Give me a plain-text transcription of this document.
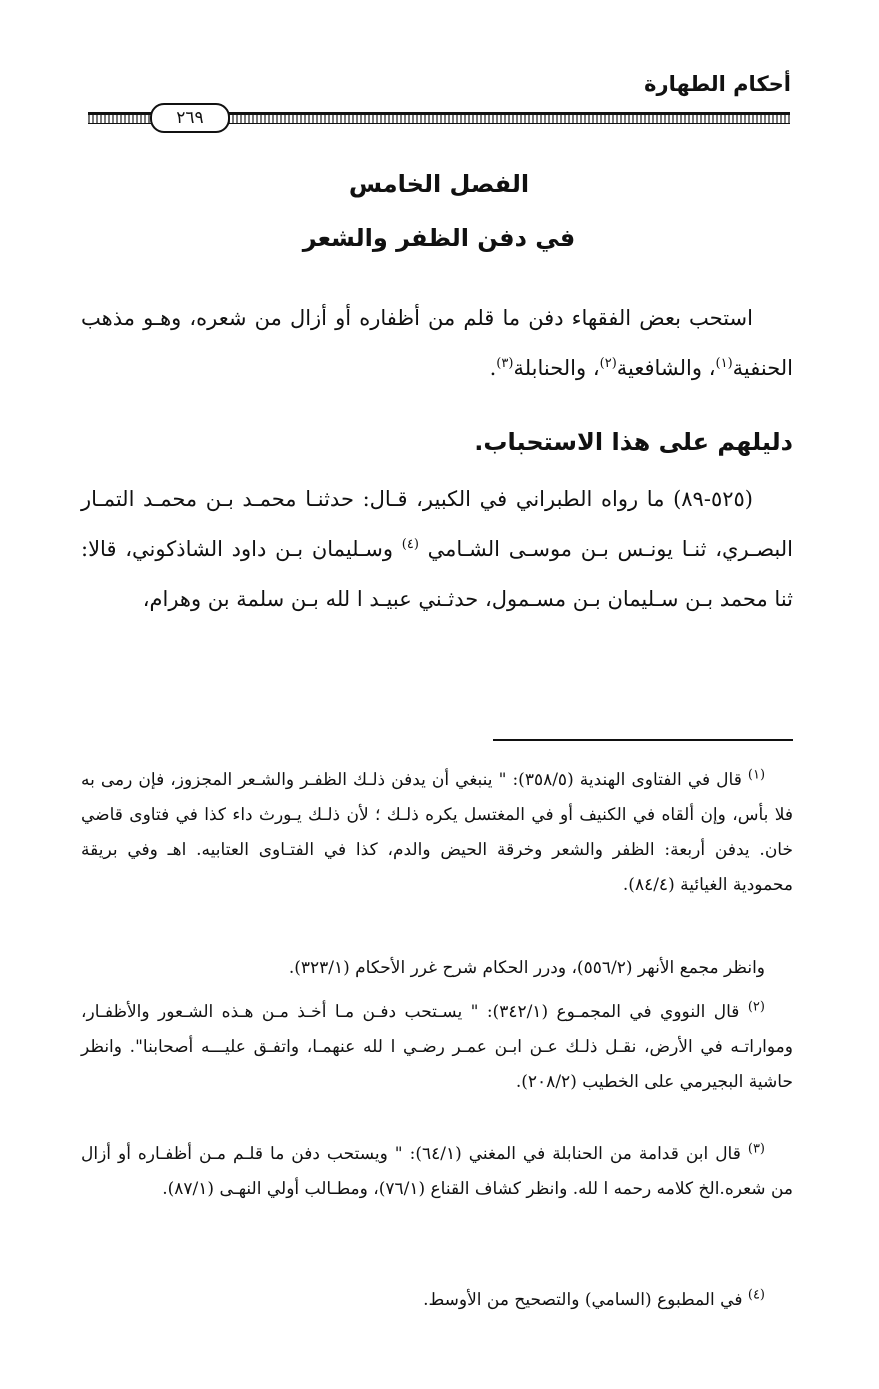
أحكام الطهارة
٢٦٩
الفصل الخامس
في دفن الظفر والشعر

استحب بعض الفقهاء دفن ما قلم من أظفاره أو أزال من شعره، وهـو مذهب الحنفية$^{(١)}$، والشافعية$^{(٢)}$، والحنابلة$^{(٣)}$.

دليلهم على هذا الاستحباب.

(٥٢٥-٨٩) ما رواه الطبراني في الكبير، قـال: حدثنـا محمـد بـن محمـد التمـار البصـري، ثنـا يونـس بـن موسـى الشـامي $^{(٤)}$ وسـليمان بـن داود الشاذكوني، قالا: ثنا محمد بـن سـليمان بـن مسـمول، حدثـني عبيـد ا لله بـن سلمة بن وهرام،

$^{(١)}$ قال في الفتاوى الهندية (٣٥٨/٥): " ينبغي أن يدفن ذلـك الظفـر والشـعر المجزوز، فإن رمى به فلا بأس، وإن ألقاه في الكنيف أو في المغتسل يكره ذلـك ؛ لأن ذلـك يـورث داء كذا في فتاوى قاضي خان. يدفن أربعة: الظفر والشعر وخرقة الحيض والدم، كذا في الفتـاوى العتابيه. اهـ وفي بريقة محمودية الغيائية (٨٤/٤).

وانظر مجمع الأنهر (٥٥٦/٢)، ودرر الحكام شرح غرر الأحكام (٣٢٣/١).

$^{(٢)}$ قال النووي في المجمـوع (٣٤٢/١): " يسـتحب دفـن مـا أخـذ مـن هـذه الشـعور والأظفـار، ومواراتـه في الأرض، نقـل ذلـك عـن ابـن عمـر رضـي ا لله عنهمـا، واتفـق عليـــه أصحابنا". وانظر حاشية البجيرمي على الخطيب (٢٠٨/٢).

$^{(٣)}$ قال ابن قدامة من الحنابلة في المغني (٦٤/١): " ويستحب دفن ما قلـم مـن أظفـاره أو أزال من شعره.الخ كلامه رحمه ا لله. وانظر كشاف القناع (٧٦/١)، ومطـالب أولي النهـى (٨٧/١).

$^{(٤)}$ في المطبوع (السامي) والتصحيح من الأوسط.
